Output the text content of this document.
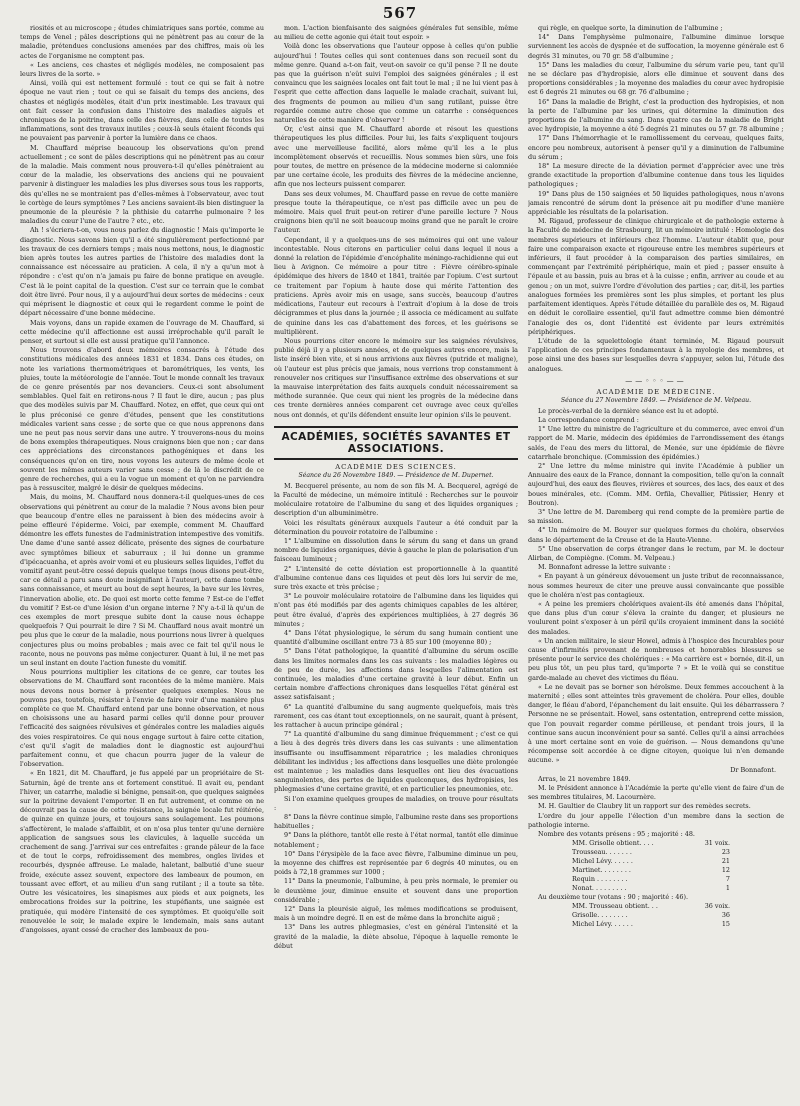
567

riosités et au microscope ; études chimiatriques sans portée, comme au temps de Venel ; pâles descriptions qui ne pénètrent pas au cœur de la maladie, prétendues conclusions amenées par des chiffres, mais où les actes de l'organisme ne comptent pas.

« Les anciens, ces chastes et négligés modèles, ne composaient pas leurs livres de la sorte. »

Ainsi, voilà qui est nettement formulé : tout ce qui se fait à notre époque ne vaut rien ; tout ce qui se faisait du temps des anciens, des chastes et négligés modèles, était d'un prix inestimable. Les travaux qui ont fait cesser la confusion dans l'histoire des maladies aiguës et chroniques de la poitrine, dans celle des fièvres, dans celle de toutes les inflammations, sont des travaux inutiles ; ceux-là seuls étaient féconds qui ne pouvaient pas parvenir à porter la lumière dans ce chaos.

M. Chauffard méprise beaucoup les observations qu'on prend actuellement ; ce sont de pâles descriptions qui ne pénètrent pas au cœur de la maladie. Mais comment nous prouvera-t-il qu'elles pénètraient au cœur de la maladie, les observations des anciens qui ne pouvaient parvenir à distinguer les maladies les plus diverses sous tous les rapports, dès qu'elles ne se montraient pas d'elles-mêmes à l'observateur, avec tout le cortège de leurs symptômes ? Les anciens savaient-ils bien distinguer la pneumonie de la pleurésie ? la phthisie du catarrhe pulmonaire ? les maladies du cœur l'une de l'autre ? etc., etc.

Ah ! s'écriera-t-on, vous nous parlez du diagnostic ! Mais qu'importe le diagnostic. Nous savons bien qu'il a été singulièrement perfectionné par les travaux de ces derniers temps ; mais nous mettons, nous, le diagnostic bien après toutes les autres parties de l'histoire des maladies dont la connaissance est nécessaire au praticien. A cela, il n'y a qu'un mot à répondre : c'est qu'on n'a jamais pu faire de bonne pratique en aveugle. C'est là le point capital de la question. C'est sur ce terrain que le combat doit être livré. Pour nous, il y a aujourd'hui deux sortes de médecins : ceux qui méprisent le diagnostic et ceux qui le regardent comme le point de départ nécessaire d'une bonne médecine.

Mais voyons, dans un rapide examen de l'ouvrage de M. Chauffard, si cette médecine qu'il affectionne est aussi irréprochable qu'il paraît le penser, et surtout si elle est aussi pratique qu'il l'annonce.

Nous trouvons d'abord deux mémoires consacrés à l'étude des constitutions médicales des années 1831 et 1834. Dans ces études, on note les variations thermométriques et barométriques, les vents, les pluies, toute la météorologie de l'année. Tout le monde connaît les travaux de ce genre présentés par nos devanciers. Ceux-ci sont absolument semblables. Quel fait en retirons-nous ? Il faut le dire, aucun ; pas plus que des modèles suivis par M. Chauffard. Notez, en effet, que ceux qui ont le plus préconisé ce genre d'études, pensent que les constitutions médicales varient sans cesse ; de sorte que ce que nous apprenons dans une ne peut pas nous servir dans une autre. Y trouverons-nous du moins de bons exemples thérapeutiques. Nous craignons bien que non ; car dans ces appréciations des circonstances pathogéniques et dans les conséquences qu'on en tire, nous voyons les auteurs de même école et souvent les mêmes auteurs varier sans cesse ; de là le discrédit de ce genre de recherches, qui a eu la vogue un moment et qu'on ne parviendra pas à ressusciter, malgré le désir de quelques médecins.

Mais, du moins, M. Chauffard nous donnera-t-il quelques-unes de ces observations qui pénètrent au cœur de la maladie ? Nous avons bien peur que beaucoup d'entre elles ne paraissent à bien des médecins avoir à peine effleuré l'épiderme. Voici, par exemple, comment M. Chauffard démontre les effets funestes de l'administration intempestive des vomitifs. Une dame d'une santé assez délicate, présente des signes de courbature avec symptômes bilieux et saburraux ; il lui donne un gramme d'ipécacuanha, et après avoir vomi et eu plusieurs selles liquides, l'effet du vomitif ayant peut-être cessé depuis quelque temps (nous disons peut-être, car ce détail a paru sans doute insignifiant à l'auteur), cette dame tombe sans connaissance, et meurt au bout de sept heures, la bave sur les lèvres, l'innervation abolie, etc. De quoi est morte cette femme ? Est-ce de l'effet du vomitif ? Est-ce d'une lésion d'un organe interne ? N'y a-t-il là qu'un de ces exemples de mort presque subite dont la cause nous échappe quelquefois ? Qui pourrait le dire ? Si M. Chauffard nous avait montré un peu plus que le cœur de la maladie, nous pourrions nous livrer à quelques conjectures plus ou moins probables ; mais avec ce fait tel qu'il nous le raconte, nous ne pouvons pas même conjecturer. Quant à lui, il ne met pas un seul instant en doute l'action funeste du vomitif.

Nous pourrions multiplier les citations de ce genre, car toutes les observations de M. Chauffard sont racontées de la même manière. Mais nous devons nous borner à présenter quelques exemples. Nous ne pouvons pas, toutefois, résister à l'envie de faire voir d'une manière plus complète ce que M. Chauffard entend par une bonne observation, et nous en choisissons une au hasard parmi celles qu'il donne pour prouver l'efficacité des saignées révulsives et générales contre les maladies aiguës des voies respiratoires. Ce qui nous engage surtout à faire cette citation, c'est qu'il s'agit de maladies dont le diagnostic est aujourd'hui parfaitement connu, et que chacun pourra juger de la valeur de l'observation.

« En 1821, dit M. Chauffard, je fus appelé par un propriétaire de St-Saturnin, âgé de trente ans et fortement constitué. Il avait eu, pendant l'hiver, un catarrhe, maladie si bénigne, pensait-on, que quelques saignées sur la poitrine devaient l'emporter. Il en fut autrement, et comme on ne découvrait pas la cause de cette résistance, la saignée locale fut réitérée, de quinze en quinze jours, et toujours sans soulagement. Les poumons s'affectèrent, le malade s'affaiblit, et on n'osa plus tenter qu'une dernière application de sangsues sous les clavicules, à laquelle succéda un crachement de sang. J'arrivai sur ces entrefaites : grande pâleur de la face et de tout le corps, refroidissement des membres, ongles livides et recourbés, dyspnée affreuse. Le malade, haletant, balbutié d'une sueur froide, exécute assez souvent, expectore des lambeaux de poumon, en toussant avec effort, et au milieu d'un sang rutilant ; il a toute sa tête. Outre les vésicatoires, les sinapismes aux pieds et aux poignets, les embrocations froides sur la poitrine, les stupéfiants, une saignée est pratiquée, qui modère l'intensité de ces symptômes. Et quoiqu'elle soit renouvelée le soir, le malade expire le lendemain, mais sans autant d'angoisses, ayant cessé de cracher des lambeaux de pou-

mon. L'action bienfaisante des saignées générales fut sensible, même au milieu de cette agonie qui était tout espoir. »

Voilà donc les observations que l'auteur oppose à celles qu'on publie aujourd'hui ! Toutes celles qui sont contenues dans son recueil sont du même genre. Quand a-t-on fait, veut-on savoir ce qu'il pense ? Il ne doute pas que la guérison n'eût suivi l'emploi des saignées générales ; il est convaincu que les saignées locales ont fait tout le mal ; il ne lui vient pas à l'esprit que cette affection dans laquelle le malade crachait, suivant lui, des fragments de poumon au milieu d'un sang rutilant, puisse être regardée comme autre chose que comme un catarrhe : conséquences naturelles de cette manière d'observer !

Or, c'est ainsi que M. Chauffard aborde et résout les questions thérapeutiques les plus difficiles. Pour lui, les faits s'expliquent toujours avec une merveilleuse facilité, alors même qu'il les a le plus incomplètement observés et recueillis. Nous sommes bien sûrs, une fois pour toutes, de mettre en présence de la médecine moderne si calomniée par une certaine école, les produits des fièvres de la médecine ancienne, afin que nos lecteurs puissent comparer.

Dans ses deux volumes, M. Chauffard passe en revue de cette manière presque toute la thérapeutique, ce n'est pas difficile avec un peu de mémoire. Mais quel fruit peut-on retirer d'une pareille lecture ? Nous craignons bien qu'il ne soit beaucoup moins grand que ne paraît le croire l'auteur.

Cependant, il y a quelques-uns de ses mémoires qui ont une valeur incontestable. Nous citerons en particulier celui dans lequel il nous a donné la relation de l'épidémie d'encéphalite méningo-rachidienne qui eut lieu à Avignon. Ce mémoire a pour titre : Fièvre cérébro-spinale épidémique des hivers de 1840 et 1841, traitée par l'opium. C'est surtout ce traitement par l'opium à haute dose qui mérite l'attention des praticiens. Après avoir mis en usage, sans succès, beaucoup d'autres médications, l'auteur eut recours à l'extrait d'opium à la dose de trois décigrammes et plus dans la journée ; il associa ce médicament au sulfate de quinine dans les cas d'abattement des forces, et les guérisons se multiplièrent.

Nous pourrions citer encore le mémoire sur les saignées révulsives, publié déjà il y a plusieurs années, et de quelques autres encore, mais la liste inséré bien vite, et si nous arrivions aux fièvres (putride et maligne), où l'auteur est plus précis que jamais, nous verrions trop constamment à renouveler nos critiques sur l'insuffisance extrême des observations et sur la mauvaise interprétation des faits auxquels conduit nécessairement sa méthode surannée. Que ceux qui nient les progrès de la médecine dans ces trente dernières années comparent cet ouvrage avec ceux qu'elles nous ont donnés, et qu'ils défendent ensuite leur opinion s'ils le peuvent.

ACADÉMIES, SOCIÉTÉS SAVANTES ET ASSOCIATIONS.
ACADÉMIE DES SCIENCES.
Séance du 26 Novembre 1849. — Présidence de M. Dupernet.

M. Becquerel présente, au nom de son fils M. A. Becquerel, agrégé de la Faculté de médecine, un mémoire intitulé : Recherches sur le pouvoir moléculaire rotatoire de l'albumine du sang et des liquides organiques ; description d'un albuminimètre.

Voici les résultats généraux auxquels l'auteur a été conduit par la détermination du pouvoir rotatoire de l'albumine :

1° L'albumine en dissolution dans le sérum du sang et dans un grand nombre de liquides organiques, dévie à gauche le plan de polarisation d'un faisceau lumineux ;

2° L'intensité de cette déviation est proportionnelle à la quantité d'albumine contenue dans ces liquides et peut dès lors lui servir de me, sure très exacte et très précise ;

3° Le pouvoir moléculaire rotatoire de l'albumine dans les liquides qui n'ont pas été modifiés par des agents chimiques capables de les altérer, peut être évalué, d'après des expériences multipliées, à 27 degrés 36 minutes ;

4° Dans l'état physiologique, le sérum du sang humain contient une quantité d'albumine oscillant entre 73 à 85 sur 100 (moyenne 80) ;

5° Dans l'état pathologique, la quantité d'albumine du sérum oscille dans les limites normales dans les cas suivants : les maladies légères ou de peu de durée, les affections dans lesquelles l'alimentation est continuée, les maladies d'une certaine gravité à leur début. Enfin un certain nombre d'affections chroniques dans lesquelles l'état général est assez satisfaisant ;

6° La quantité d'albumine du sang augmente quelquefois, mais très rarement, ces cas étant tout exceptionnels, on ne saurait, quant à présent, les rattacher à aucun principe général ;

7° La quantité d'albumine du sang diminue fréquemment ; c'est ce qui a lieu à des degrés très divers dans les cas suivants : une alimentation insuffisante ou insuffisamment réparatrice ; les maladies chroniques débilitant les individus ; les affections dans lesquelles une diète prolongée est maintenue ; les maladies dans lesquelles ont lieu des évacuations sanguinolentes, des pertes de liquides quelconques, des hydropisies, les phlegmasies d'une certaine gravité, et en particulier les pneumonies, etc.

Si l'on examine quelques groupes de maladies, on trouve pour résultats :

8° Dans la fièvre continue simple, l'albumine reste dans ses proportions habituelles ;

9° Dans la pléthore, tantôt elle reste à l'état normal, tantôt elle diminue notablement ;

10° Dans l'érysipèle de la face avec fièvre, l'albumine diminue un peu, la moyenne des chiffres est représentée par 6 degrés 40 minutes, ou en poids à 72,18 grammes sur 1000 ;

11° Dans la pneumonie, l'albumine, à peu près normale, le premier ou le deuxième jour, diminue ensuite et souvent dans une proportion considérable ;

12° Dans la pleurésie aiguë, les mêmes modifications se produisent, mais à un moindre degré. Il en est de même dans la bronchite aiguë ;

13° Dans les autres phlegmasies, c'est en général l'intensité et la gravité de la maladie, la diète absolue, l'époque à laquelle remonte le début

qui règle, en quelque sorte, la diminution de l'albumine ;

14° Dans l'emphysème pulmonaire, l'albumine diminue lorsque surviennent les accès de dyspnée et de suffocation, la moyenne générale est 6 degrés 31 minutes, ou 70 gr. 58 d'albumine ;

15° Dans les maladies du cœur, l'albumine du sérum varie peu, tant qu'il ne se déclare pas d'hydropisie, alors elle diminue et souvent dans des proportions considérables ; la moyenne des maladies du cœur avec hydropisie est 6 degrés 21 minutes ou 68 gr. 76 d'albumine ;

16° Dans la maladie de Bright, c'est la production des hydropisies, et non la perte de l'albumine par les urines, qui détermine la diminution des proportions de l'albumine du sang. Dans quatre cas de la maladie de Bright avec hydropisie, la moyenne a été 5 degrés 21 minutes ou 57 gr. 78 albumine ;

17° Dans l'hémorrhagie et le ramollissement du cerveau, quelques faits, encore peu nombreux, autorisent à penser qu'il y a diminution de l'albumine du sérum ;

18° La mesure directe de la déviation permet d'apprécier avec une très grande exactitude la proportion d'albumine contenue dans tous les liquides pathologiques ;

19° Dans plus de 150 saignées et 50 liquides pathologiques, nous n'avons jamais rencontré de sérum dont la présence ait pu modifier d'une manière appréciable les résultats de la polarisation.

M. Rigaud, professeur de clinique chirurgicale et de pathologie externe à la Faculté de médecine de Strasbourg, lit un mémoire intitulé : Homologie des membres supérieurs et inférieurs chez l'homme. L'auteur établit que, pour faire une comparaison exacte et rigoureuse entre les membres supérieurs et inférieurs, il faut procéder à la comparaison des parties similaires, en commençant par l'extrémité périphérique, main et pied ; passer ensuite à l'épaule et au bassin, puis au bras et à la cuisse ; enfin, arriver au coude et au genou ; on un mot, suivre l'ordre d'évolution des parties ; car, dit-il, les parties analogues formées les premières sont les plus simples, et portant les plus parfaitement identiques. Après l'étude détaillée du parallèle des os, M. Rigaud en déduit le corollaire essentiel, qu'il faut admettre comme bien démontré l'analogie des os, dont l'identité est évidente par leurs extrémités périphériques.

L'étude de la squelettologie étant terminée, M. Rigaud poursuit l'application de ces principes fondamentaux à la myologie des membres, et pose ainsi une des bases sur lesquelles devra s'appuyer, selon lui, l'étude des analogues.

——◦◦◦——
ACADÉMIE DE MÉDECINE.
Séance du 27 Novembre 1849. — Présidence de M. Velpeau.

Le procès-verbal de la dernière séance est lu et adopté.

La correspondance comprend :

1° Une lettre du ministre de l'agriculture et du commerce, avec envoi d'un rapport de M. Marie, médecin des épidémies de l'arrondissement des étangs salés, de l'eau des mers du littoral, de Menée, sur une épidémie de fièvre catarrhale bronchique. (Commission des épidémies.)

2° Une lettre du même ministre qui invite l'Académie à publier un Annuaire des eaux de la France, donnant la composition, telle qu'on la connaît aujourd'hui, des eaux des fleuves, rivières et sources, des lacs, des eaux et des boues minérales, etc. (Comm. MM. Orfila, Chevallier, Pâtissier, Henry et Boutron).

3° Une lettre de M. Daremberg qui rend compte de la première partie de sa mission.

4° Un mémoire de M. Bouyer sur quelques formes du choléra, observées dans le département de la Creuse et de la Haute-Vienne.

5° Une observation de corps étranger dans le rectum, par M. le docteur Alirban, de Compiègne. (Comm. M. Velpeau.)

M. Bonnafont adresse la lettre suivante :

« En payant à un généreux dévouement un juste tribut de reconnaissance, nous sommes heureux de citer une preuve aussi convaincante que possible que le choléra n'est pas contagieux.

« A peine les premiers cholériques avaient-ils été amenés dans l'hôpital, que dans plus d'un cœur s'éleva la crainte du danger, et plusieurs ne voulurent point s'exposer à un péril qu'ils croyaient imminent dans la société des malades.

« Un ancien militaire, le sieur Howel, admis à l'hospice des Incurables pour cause d'infirmités provenant de nombreuses et honorables blessures se présente pour le service des cholériques : « Ma carrière est « bornée, dit-il, un peu plus tôt, un peu plus tard, qu'importe ? » Et le voilà qui se constitue garde-malade au chevet des victimes du fléau.

« Le ne devait pas se borner son héroïsme. Deux femmes accouchent à la maternité ; elles sont atteintes très gravement de choléra. Pour elles, double danger, le fléau d'abord, l'épanchement du lait ensuite. Qui les débarrassera ? Personne ne se présentait. Howel, sans ostentation, entreprend cette mission, que l'on pouvait regarder comme périlleuse, et pendant trois jours, il la continue sans aucun inconvénient pour sa santé. Celles qu'il a ainsi arrachées à une mort certaine sont en voie de guérison. — Nous demandons qu'une récompense soit accordée à ce digne citoyen, quoique lui n'en demande aucune. »

Dr Bonnafont.

Arras, le 21 novembre 1849.

M. le Président annonce à l'Académie la perte qu'elle vient de faire d'un de ses membres titulaires, M. Lacournère.

M. H. Gaultier de Claubry lit un rapport sur des remèdes secrets.

L'ordre du jour appelle l'élection d'un membre dans la section de pathologie interne.

Nombre des votants présens : 95 ; majorité : 48.

MM. Grisolle obtient. . . .	31 voix.
Trousseau. . . . . . .	23
Michel Lévy. . . . . .	21
Martinet. . . . . . . .	12
Requin . . . . . . . .	7
Nonat. . . . . . . . .	1

Au deuxième tour (votans : 90 ; majorité : 46).

MM. Trousseau obtient. . .	36 voix.
Grisolle. . . . . . . .	36
Michel Lévy. . . . . .	15
